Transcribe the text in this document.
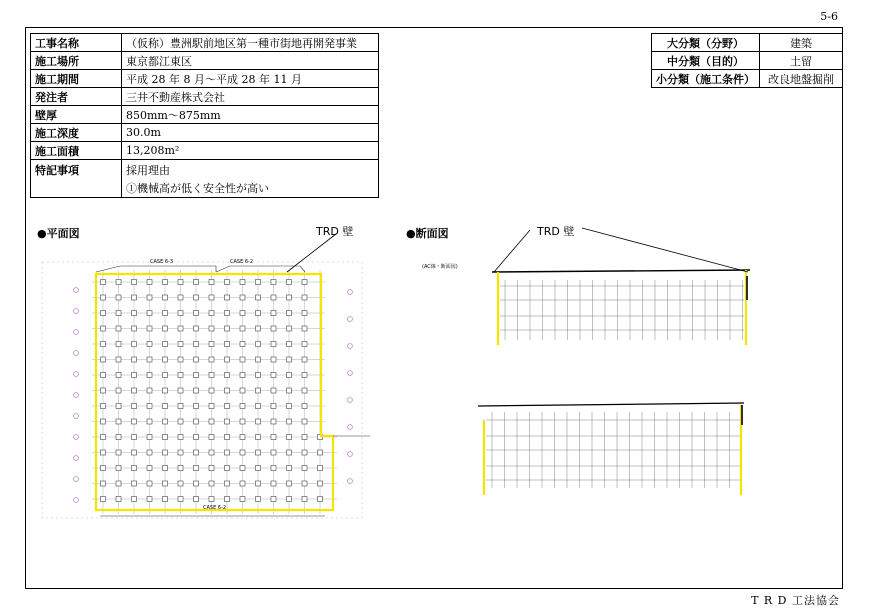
5-6
工事名称	（仮称）豊洲駅前地区第一種市街地再開発事業
施工場所	東京都江東区
施工期間	平成 28 年 8 月～平成 28 年 11 月
発注者	三井不動産株式会社
壁厚	850mm～875mm
施工深度	30.0m
施工面積	13,208m²
特記事項	採用理由
①機械高が低く安全性が高い
大分類（分野）	建築
中分類（目的）	土留
小分類（施工条件）	改良地盤掘削
●平面図	TRD 壁	●断面図	TRD 壁
CASE 6-3	CASE 6-2
CASE 6-2
(AC線・断面図)
T R D 工法協会
